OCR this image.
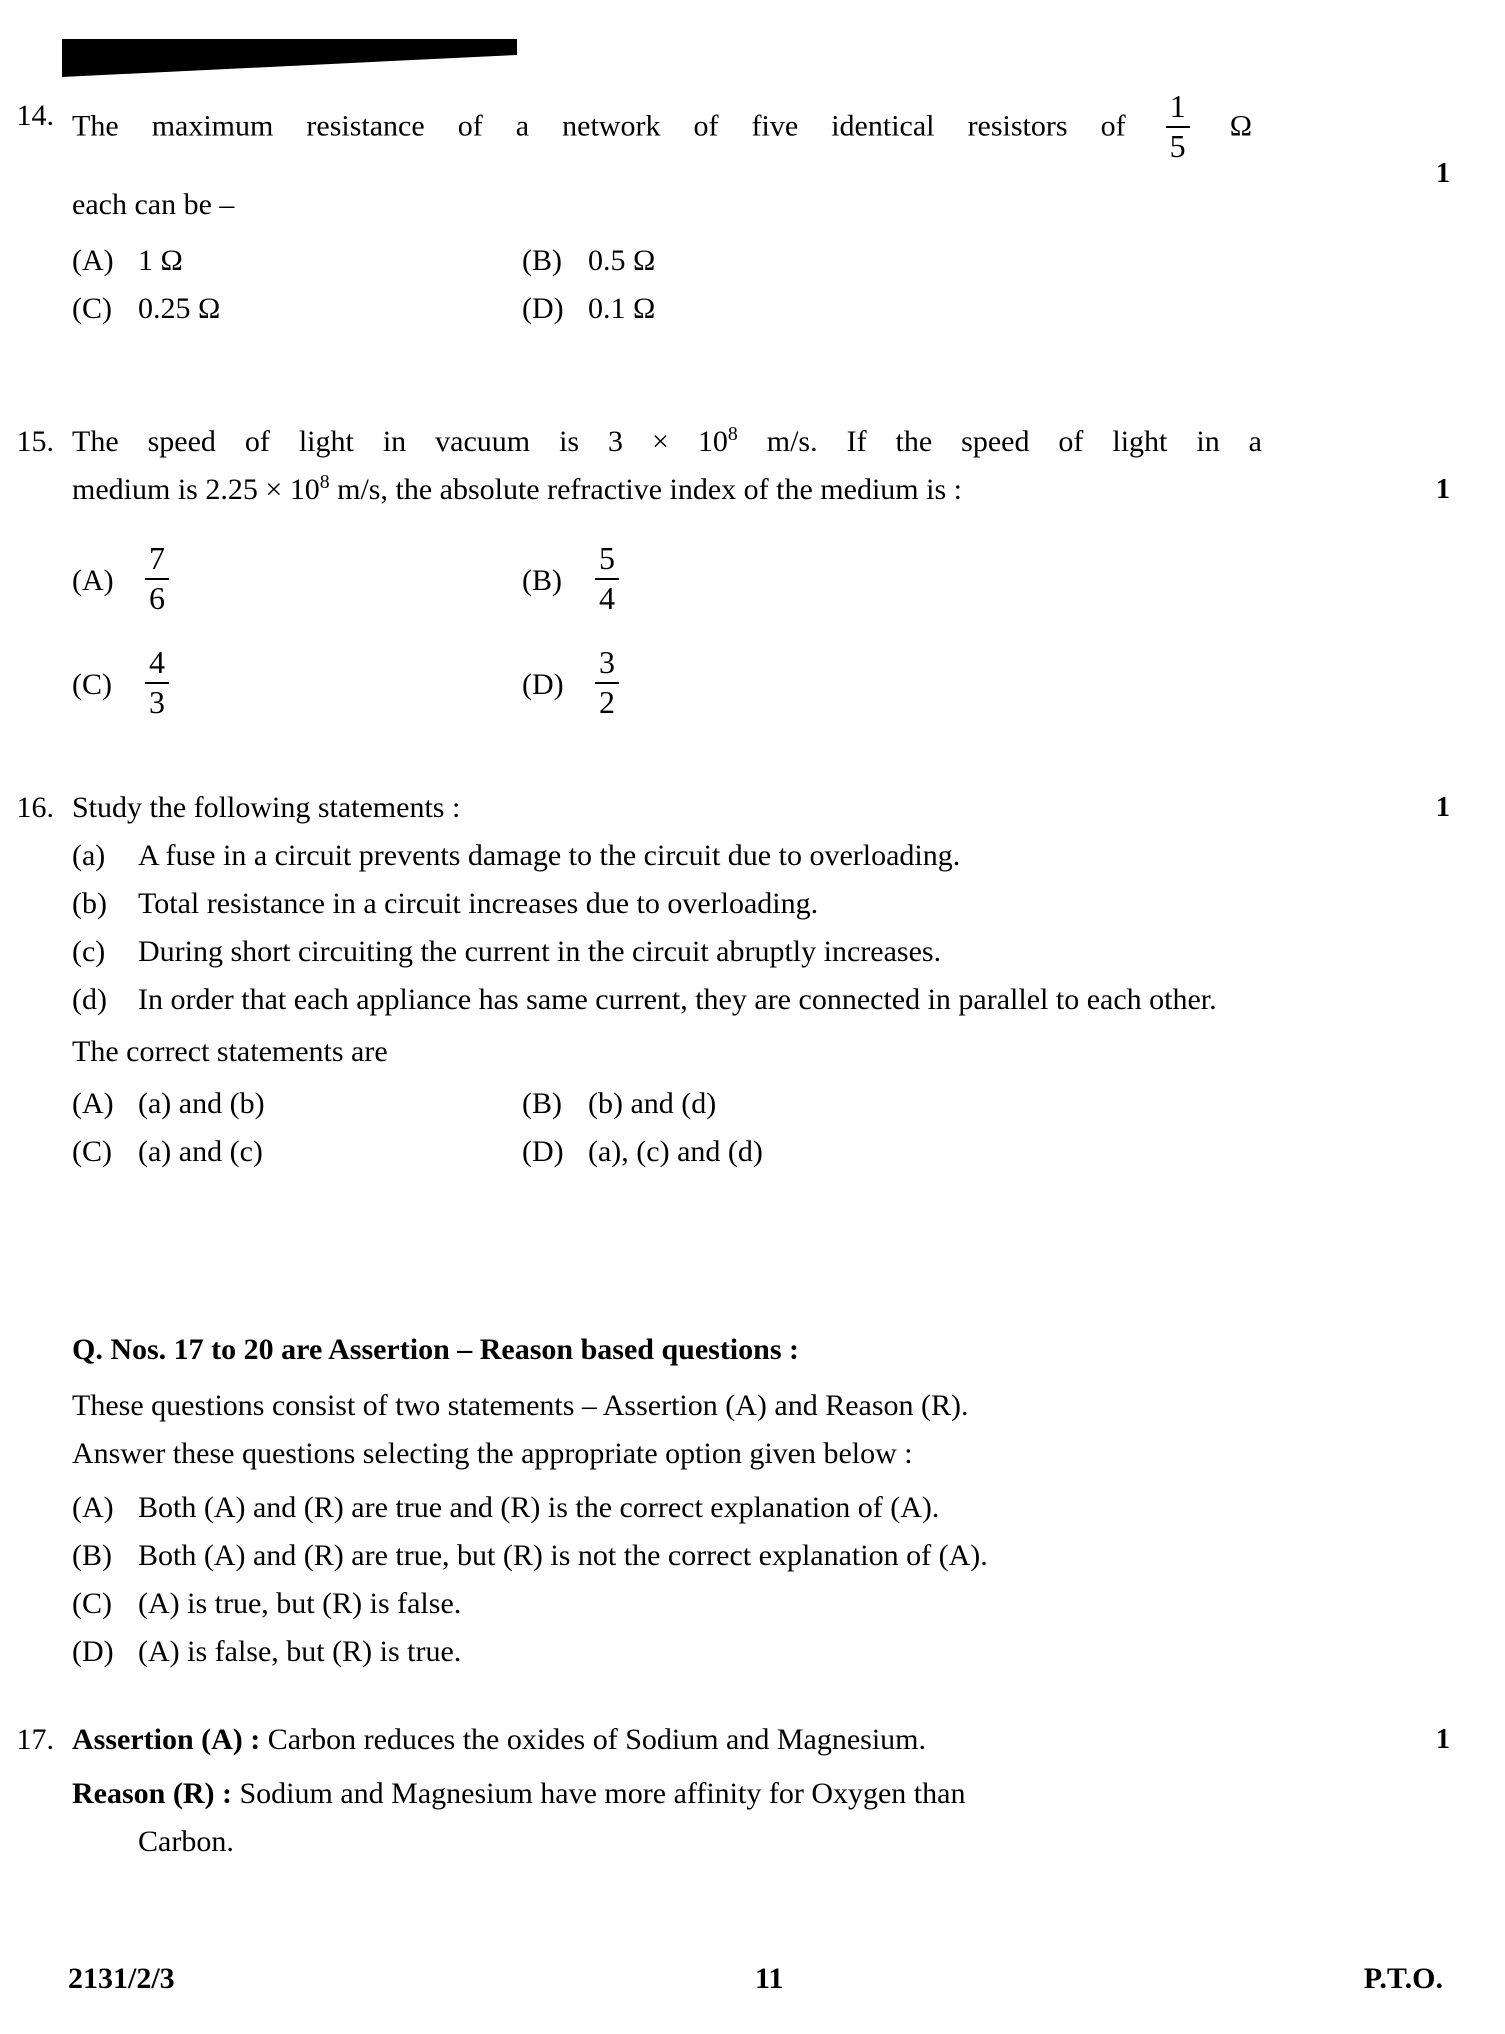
1
14. The maximum resistance of a network of five identical resistors of $\frac{1}{5}$ Ω
each can be –
(A) 1 Ω	(B) 0.5 Ω
(C) 0.25 Ω	(D) 0.1 Ω
1
15. The speed of light in vacuum is $3 \times 10^8$ m/s. If the speed of light in a
medium is $2.25 \times 10^8$ m/s, the absolute refractive index of the medium is :
$(A) \frac{7}{6}$	(B)	$\frac{5}{4}$
(C)	$\frac{4}{3}$	$(D) \frac{3}{2}$
1
16. Study the following statements :
(a)	A fuse in a circuit prevents damage to the circuit due to overloading.
(b)	Total resistance in a circuit increases due to overloading.
(c)	During short circuiting the current in the circuit abruptly increases.
(d)	In order that each appliance has same current, they are connected in parallel to each other.
The correct statements are
(A) (a) and (b)	(B) (b) and (d)
(C) (a) and (c)	(D) (a), (c) and (d)
Q. Nos. 17 to 20 are Assertion – Reason based questions :
These questions consist of two statements – Assertion (A) and Reason (R).
Answer these questions selecting the appropriate option given below :
(A) Both (A) and (R) are true and (R) is the correct explanation of (A).
(B) Both (A) and (R) are true, but (R) is not the correct explanation of (A).
(C) (A) is true, but (R) is false.
(D) (A) is false, but (R) is true.
1
17. Assertion (A) : Carbon reduces the oxides of Sodium and Magnesium.
Reason (R) : Sodium and Magnesium have more affinity for Oxygen than
Carbon.
2131/2/3	11	P.T.O.
